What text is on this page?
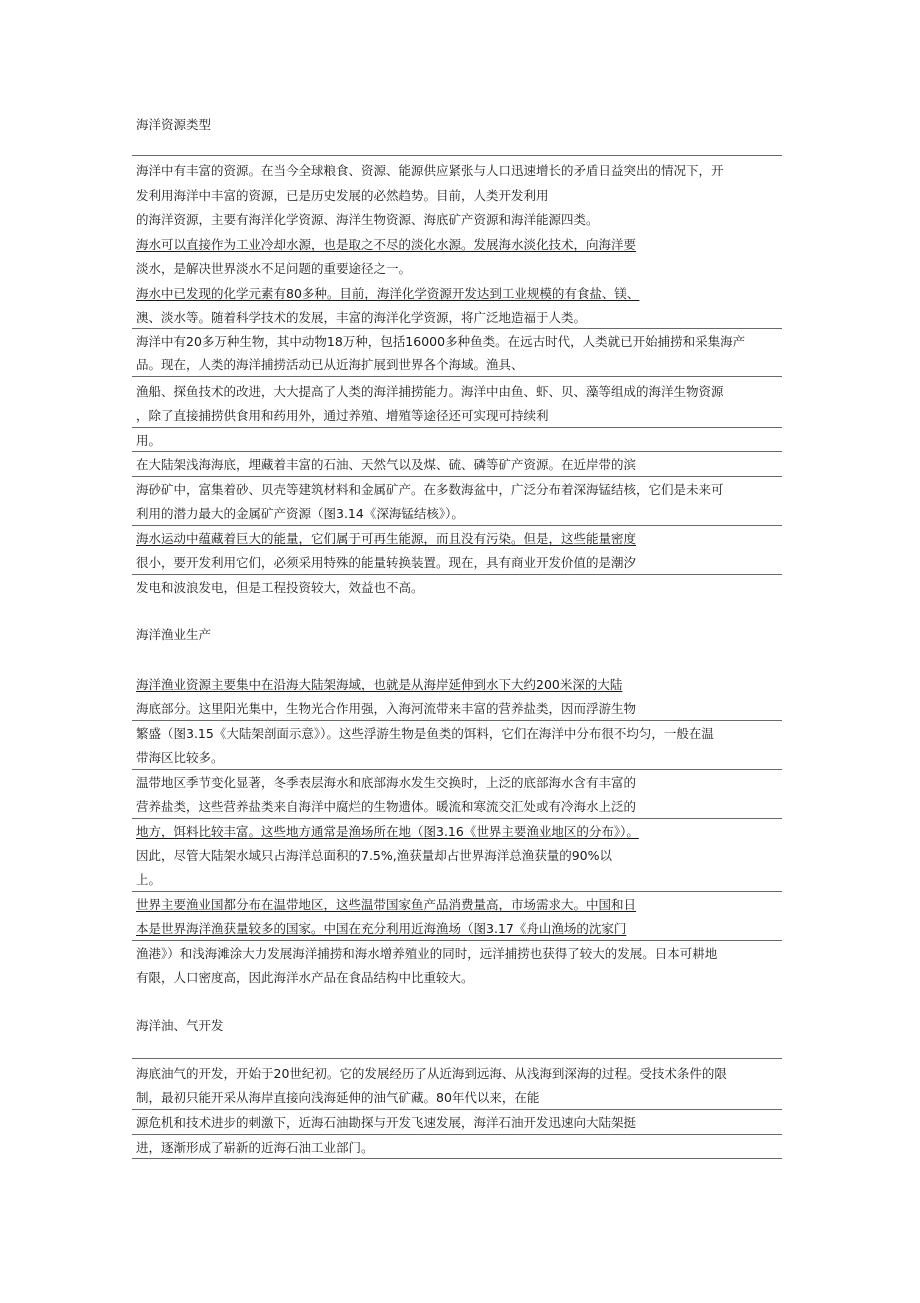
海洋资源类型
海洋中有丰富的资源。在当今全球粮食、资源、能源供应紧张与人口迅速增长的矛盾日益突出的情况下，开
发利用海洋中丰富的资源，已是历史发展的必然趋势。目前，人类开发利用
的海洋资源，主要有海洋化学资源、海洋生物资源、海底矿产资源和海洋能源四类。
海水可以直接作为工业冷却水源，也是取之不尽的淡化水源。发展海水淡化技术，向海洋要
淡水，是解决世界淡水不足问题的重要途径之一。
海水中已发现的化学元素有80多种。目前，海洋化学资源开发达到工业规模的有食盐、镁、
澳、淡水等。随着科学技术的发展，丰富的海洋化学资源，将广泛地造福于人类。
海洋中有20多万种生物，其中动物18万种，包括16000多种鱼类。在远古时代，人类就已开始捕捞和采集海产
品。现在，人类的海洋捕捞活动已从近海扩展到世界各个海域。渔具、
渔船、探鱼技术的改进，大大提高了人类的海洋捕捞能力。海洋中由鱼、虾、贝、藻等组成的海洋生物资源
，除了直接捕捞供食用和药用外，通过养殖、增殖等途径还可实现可持续利
用。
在大陆架浅海海底，埋藏着丰富的石油、天然气以及煤、硫、磷等矿产资源。在近岸带的滨
海砂矿中，富集着砂、贝壳等建筑材料和金属矿产。在多数海盆中，广泛分布着深海锰结核，它们是未来可
利用的潜力最大的金属矿产资源（图3.14《深海锰结核》）。
海水运动中蕴藏着巨大的能量，它们属于可再生能源，而且没有污染。但是，这些能量密度
很小，要开发利用它们，必须采用特殊的能量转换装置。现在，具有商业开发价值的是潮汐
发电和波浪发电，但是工程投资较大，效益也不高。
海洋渔业生产
海洋渔业资源主要集中在沿海大陆架海域，也就是从海岸延伸到水下大约200米深的大陆
海底部分。这里阳光集中，生物光合作用强，入海河流带来丰富的营养盐类，因而浮游生物
繁盛（图3.15《大陆架剖面示意》）。这些浮游生物是鱼类的饵料，它们在海洋中分布很不均匀，一般在温
带海区比较多。
温带地区季节变化显著，冬季表层海水和底部海水发生交换时，上泛的底部海水含有丰富的
营养盐类，这些营养盐类来自海洋中腐烂的生物遗体。暖流和寒流交汇处或有冷海水上泛的
地方，饵料比较丰富。这些地方通常是渔场所在地（图3.16《世界主要渔业地区的分布》）。
因此，尽管大陆架水域只占海洋总面积的7.5%,渔获量却占世界海洋总渔获量的90%以
上。
世界主要渔业国都分布在温带地区，这些温带国家鱼产品消费量高，市场需求大。中国和日
本是世界海洋渔获量较多的国家。中国在充分利用近海渔场（图3.17《舟山渔场的沈家门
渔港》）和浅海滩涂大力发展海洋捕捞和海水增养殖业的同时，远洋捕捞也获得了较大的发展。日本可耕地
有限，人口密度高，因此海洋水产品在食品结构中比重较大。
海洋油、气开发
海底油气的开发，开始于20世纪初。它的发展经历了从近海到远海、从浅海到深海的过程。受技术条件的限
制，最初只能开采从海岸直接向浅海延伸的油气矿藏。80年代以来，在能
源危机和技术进步的刺激下，近海石油勘探与开发飞速发展，海洋石油开发迅速向大陆架挺
进，逐渐形成了崭新的近海石油工业部门。
